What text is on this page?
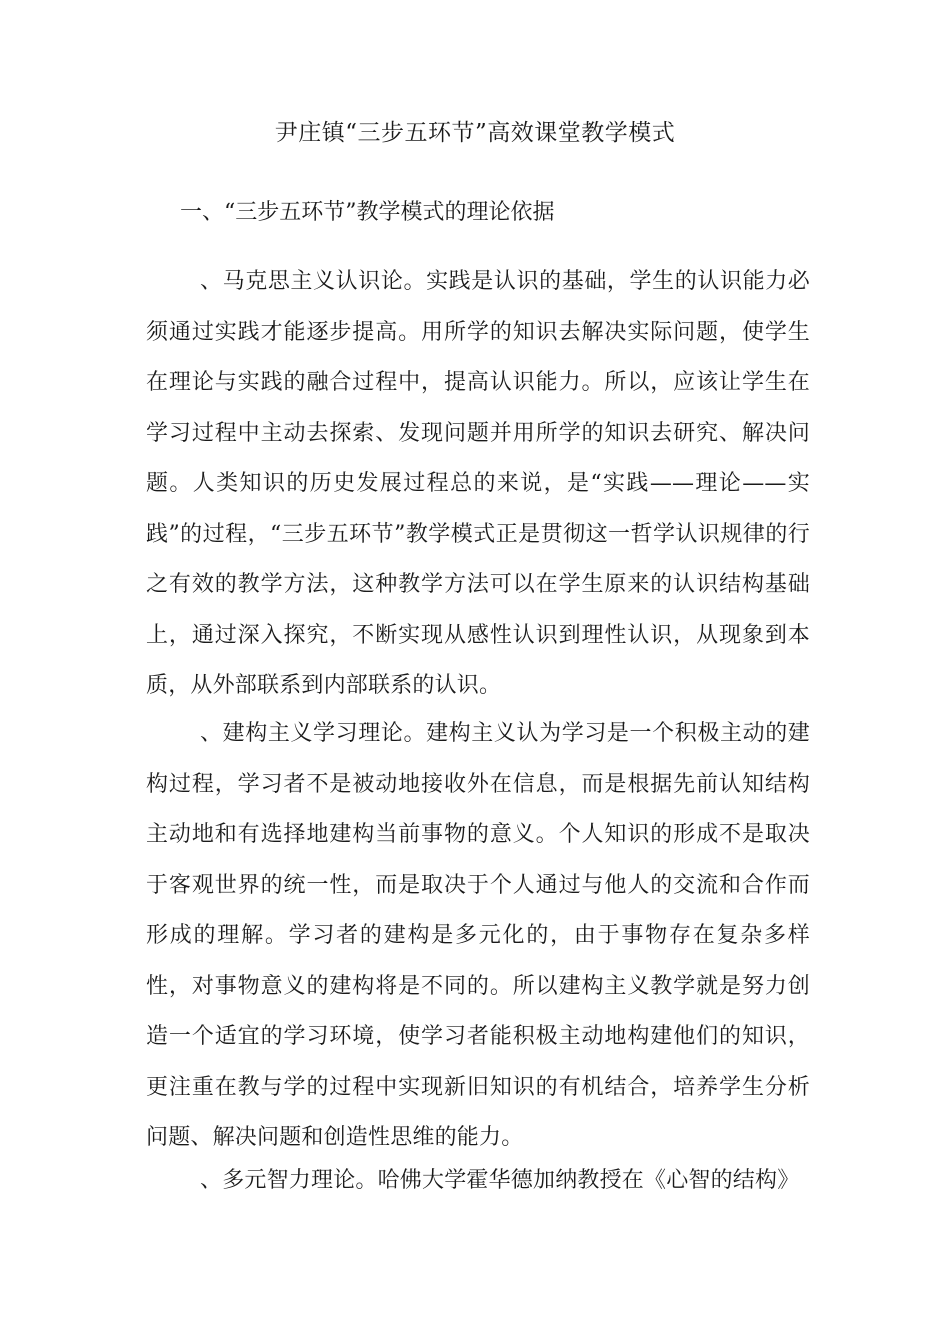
尹庄镇“三步五环节”高效课堂教学模式
一、“三步五环节”教学模式的理论依据

、马克思主义认识论。实践是认识的基础，学生的认识能力必须通过实践才能逐步提高。用所学的知识去解决实际问题，使学生在理论与实践的融合过程中，提高认识能力。所以，应该让学生在学习过程中主动去探索、发现问题并用所学的知识去研究、解决问题。人类知识的历史发展过程总的来说，是“实践——理论——实践”的过程，“三步五环节”教学模式正是贯彻这一哲学认识规律的行之有效的教学方法，这种教学方法可以在学生原来的认识结构基础上，通过深入探究，不断实现从感性认识到理性认识，从现象到本质，从外部联系到内部联系的认识。

、建构主义学习理论。建构主义认为学习是一个积极主动的建构过程，学习者不是被动地接收外在信息，而是根据先前认知结构主动地和有选择地建构当前事物的意义。个人知识的形成不是取决于客观世界的统一性，而是取决于个人通过与他人的交流和合作而形成的理解。学习者的建构是多元化的，由于事物存在复杂多样性，对事物意义的建构将是不同的。所以建构主义教学就是努力创造一个适宜的学习环境，使学习者能积极主动地构建他们的知识，更注重在教与学的过程中实现新旧知识的有机结合，培养学生分析问题、解决问题和创造性思维的能力。

、多元智力理论。哈佛大学霍华德加纳教授在《心智的结构》
